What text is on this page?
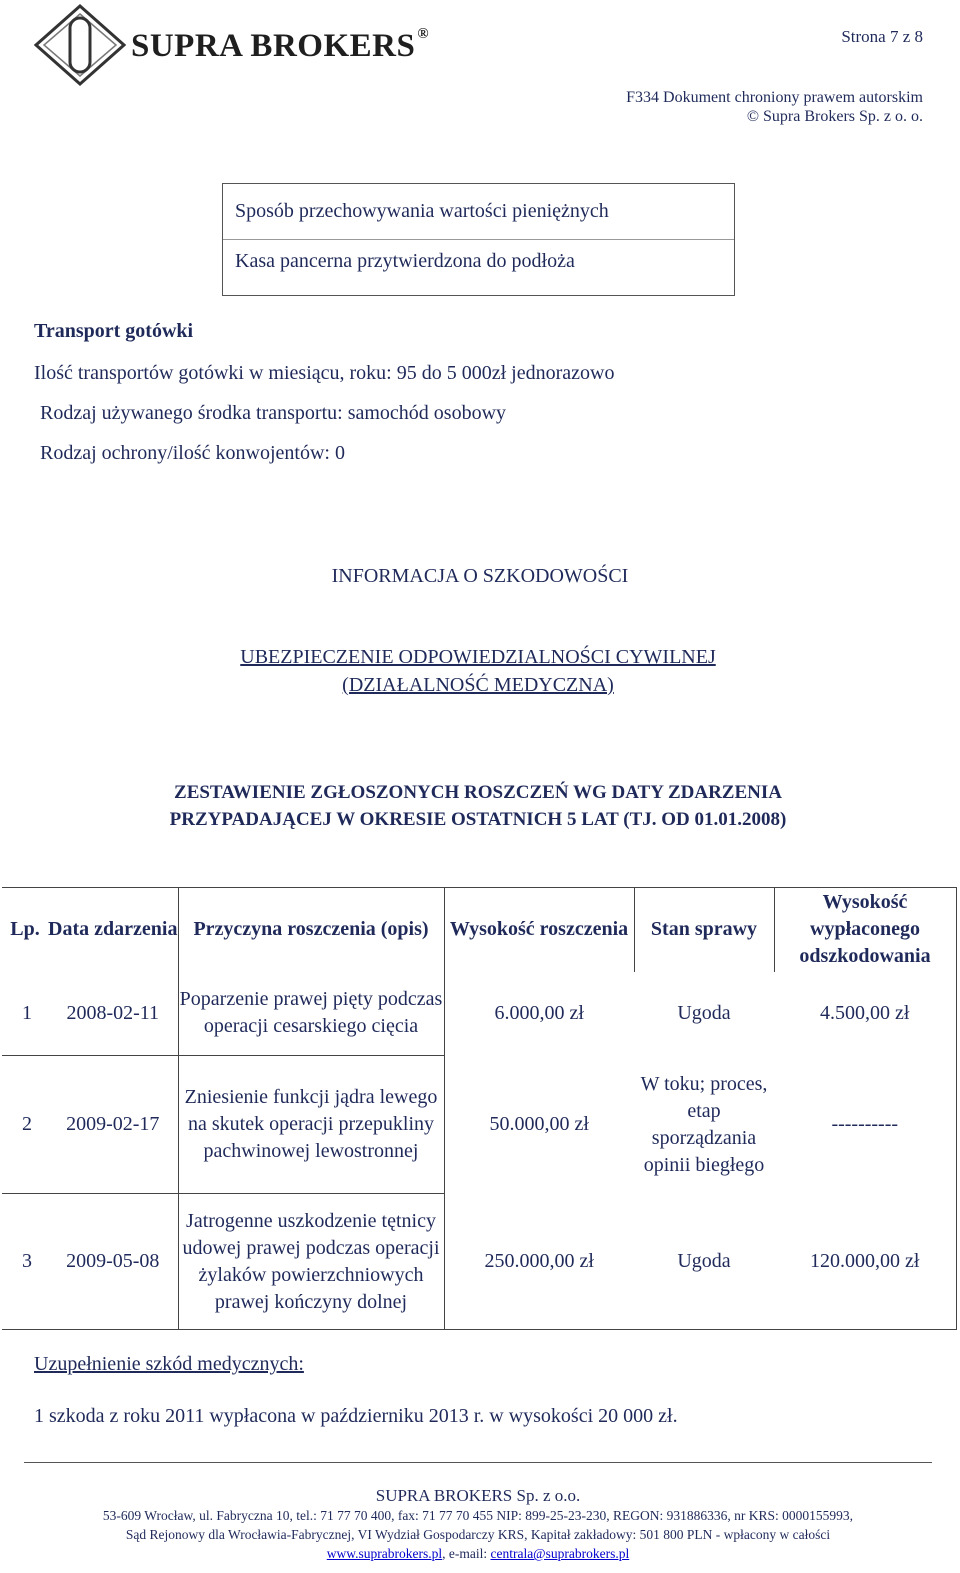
SUPRA BROKERS ®	Strona 7 z 8
F334 Dokument chroniony prawem autorskim
© Supra Brokers Sp. z o. o.
Sposób przechowywania wartości pieniężnych
Kasa pancerna przytwierdzona do podłoża
Transport gotówki
Ilość transportów gotówki w miesiącu, roku: 95 do 5 000zł jednorazowo
Rodzaj używanego środka transportu: samochód osobowy
Rodzaj ochrony/ilość konwojentów: 0
INFORMACJA O SZKODOWOŚCI
UBEZPIECZENIE ODPOWIEDZIALNOŚCI CYWILNEJ
(DZIAŁALNOŚĆ MEDYCZNA)
ZESTAWIENIE ZGŁOSZONYCH ROSZCZEŃ WG DATY ZDARZENIA
PRZYPADAJĄCEJ W OKRESIE OSTATNICH 5 LAT (TJ. OD 01.01.2008)
Lp.	Data zdarzenia	Przyczyna roszczenia (opis)	Wysokość roszczenia	Stan sprawy	Wysokość wypłaconego odszkodowania
1	2008-02-11	Poparzenie prawej pięty podczas operacji cesarskiego cięcia	6.000,00 zł	Ugoda	4.500,00 zł
2	2009-02-17	Zniesienie funkcji jądra lewego na skutek operacji przepukliny pachwinowej lewostronnej	50.000,00 zł	W toku; proces, etap sporządzania opinii biegłego	----------
3	2009-05-08	Jatrogenne uszkodzenie tętnicy udowej prawej podczas operacji żylaków powierzchniowych prawej kończyny dolnej	250.000,00 zł	Ugoda	120.000,00 zł
Uzupełnienie szkód medycznych:
1 szkoda z roku 2011 wypłacona w październiku 2013 r. w wysokości 20 000 zł.
SUPRA BROKERS Sp. z o.o.
53-609 Wrocław, ul. Fabryczna 10, tel.: 71 77 70 400, fax: 71 77 70 455 NIP: 899-25-23-230, REGON: 931886336, nr KRS: 0000155993,
Sąd Rejonowy dla Wrocławia-Fabrycznej, VI Wydział Gospodarczy KRS, Kapitał zakładowy: 501 800 PLN - wpłacony w całości
www.suprabrokers.pl, e-mail: centrala@suprabrokers.pl
